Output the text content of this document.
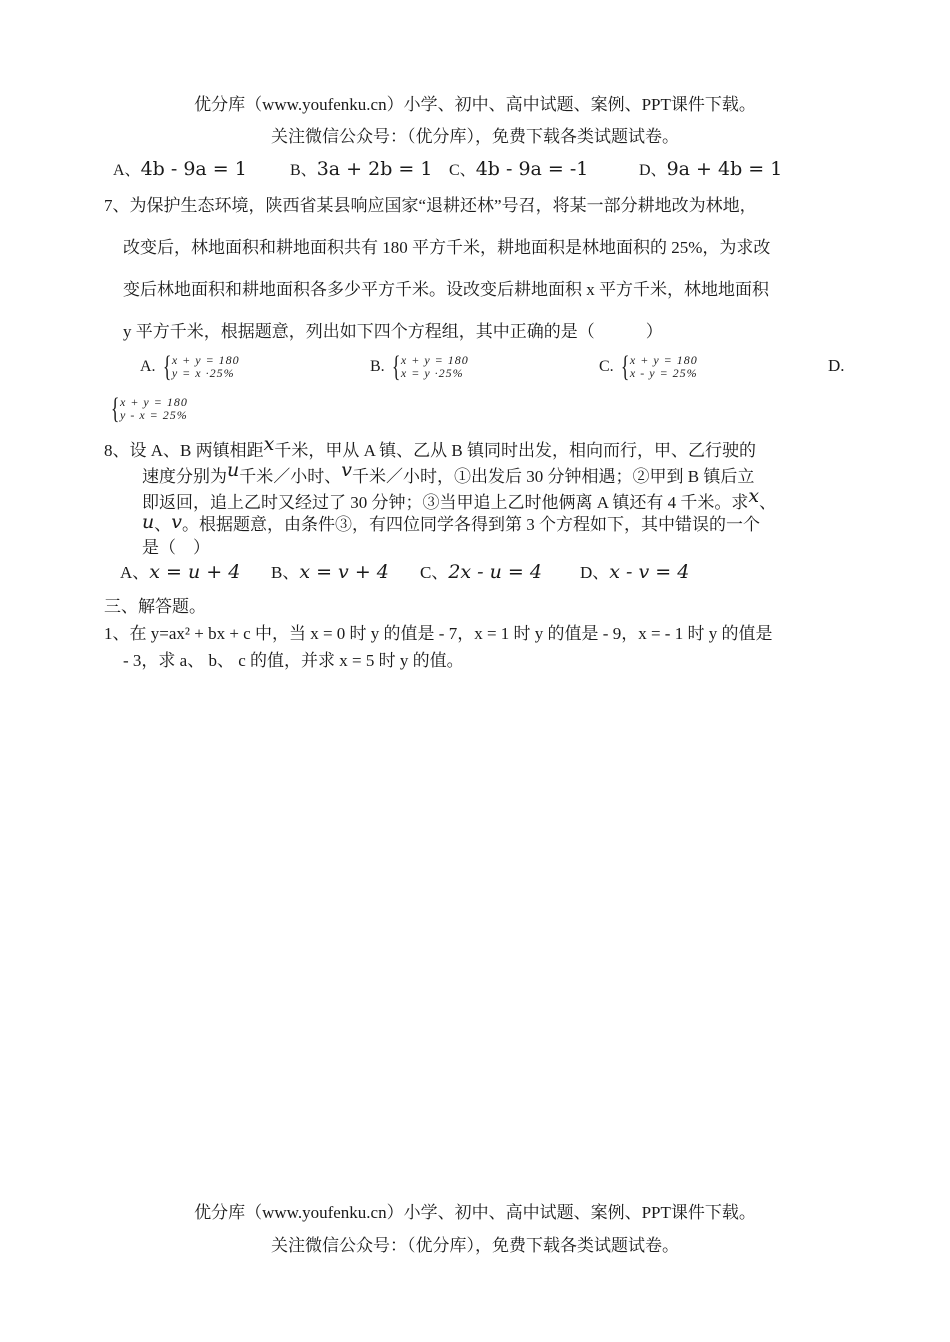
优分库（www.youfenku.cn）小学、初中、高中试题、案例、PPT课件下载。
关注微信公众号：（优分库），免费下载各类试题试卷。
A、4b - 9a = 1	B、3a + 2b = 1 C、4b - 9a = -1	D、9a + 4b = 1
7、为保护生态环境，陕西省某县响应国家“退耕还林”号召，将某一部分耕地改为林地，
改变后，林地面积和耕地面积共有 180 平方千米，耕地面积是林地面积的 25%，为求改
变后林地面积和耕地面积各多少平方千米。设改变后耕地面积 x 平方千米，林地地面积
y 平方千米，根据题意，列出如下四个方程组，其中正确的是（　　　）
A. { x + y = 180
y = x ·25%	B. { x + y = 180
x = y ·25%	C. { x + y = 180
x - y = 25%	D.
{ x + y = 180
y - x = 25%
8、设 A、B 两镇相距x千米，甲从 A 镇、乙从 B 镇同时出发，相向而行，甲、乙行驶的
速度分别为u千米／小时、v千米／小时，①出发后 30 分钟相遇；②甲到 B 镇后立
即返回，追上乙时又经过了 30 分钟；③当甲追上乙时他俩离 A 镇还有 4 千米。求x、
u、v。根据题意，由条件③，有四位同学各得到第 3 个方程如下，其中错误的一个
是（　）
A、x = u + 4 B、x = v + 4 C、2x - u = 4 D、x - v = 4
三、解答题。
1、在 y=ax² + bx + c 中，当 x = 0 时 y 的值是 - 7，x = 1 时 y 的值是 - 9，x = - 1 时 y 的值是
- 3，求 a、 b、 c 的值，并求 x = 5 时 y 的值。
优分库（www.youfenku.cn）小学、初中、高中试题、案例、PPT课件下载。
关注微信公众号：（优分库），免费下载各类试题试卷。
